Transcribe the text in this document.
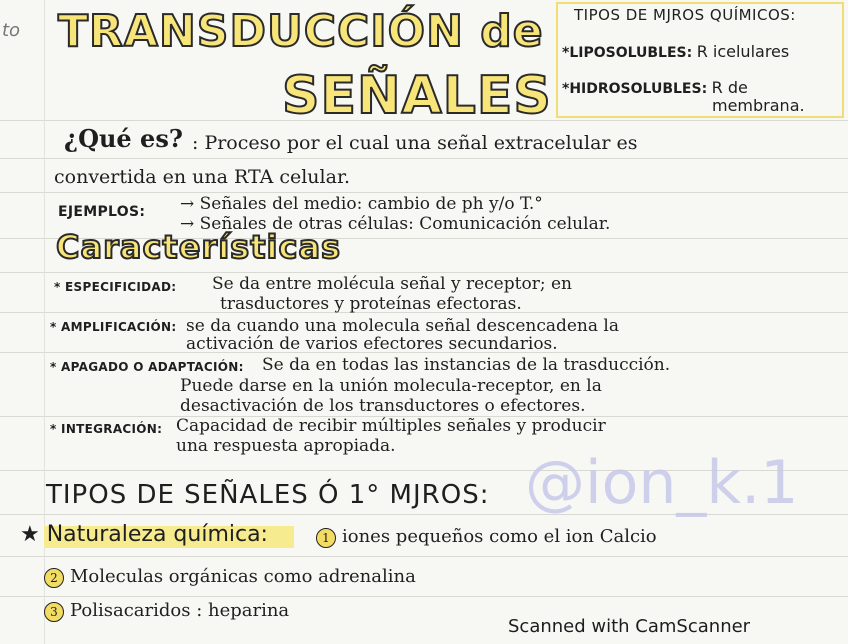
to TRANSDUCCIÓN de
SEÑALES
TIPOS DE MJROS QUÍMICOS:
*LIPOSOLUBLES: R icelulares
*HIDROSOLUBLES: R de
membrana.
¿Qué es? : Proceso por el cual una señal extracelular es
convertida en una RTA celular.
EJEMPLOS: → Señales del medio: cambio de ph y/o T.°
→ Señales de otras células: Comunicación celular.
Características
* ESPECIFICIDAD: Se da entre molécula señal y receptor; en
trasductores y proteínas efectoras.
* AMPLIFICACIÓN: se da cuando una molecula señal descencadena la
activación de varios efectores secundarios.
* APAGADO O ADAPTACIÓN: Se da en todas las instancias de la trasducción.
Puede darse en la unión molecula-receptor, en la
desactivación de los transductores o efectores.
* INTEGRACIÓN: Capacidad de recibir múltiples señales y producir
una respuesta apropiada.
@ion_k.1
TIPOS DE SEÑALES Ó 1° MJROS:
★ Naturaleza química:	1 iones pequeños como el ion Calcio
2 Moleculas orgánicas como adrenalina
3 Polisacaridos : heparina
Scanned with CamScanner
